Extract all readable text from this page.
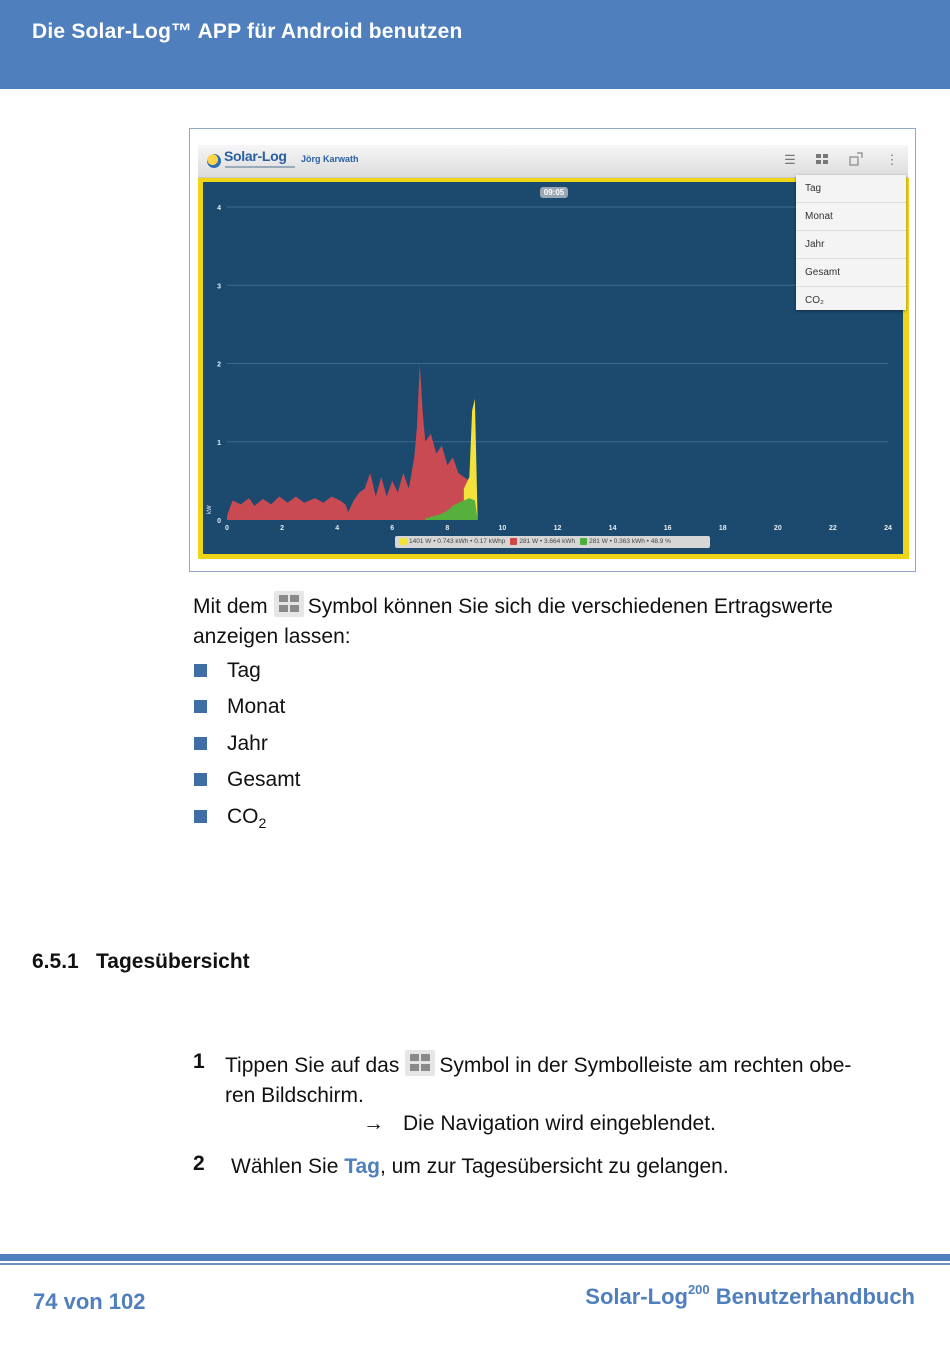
Die Solar-Log™ APP für Android benutzen
Solar-Log Jörg Karwath	☰	⋮
0
1
2
3
4
kW
0	2	4	6	8	10	12	14	16	18	20	22	24
09:05
1401 W • 0.743 kWh • 0.17 kWhp 281 W • 3.664 kWh 281 W • 0.363 kWh • 48.9 %
Tag
Monat
Jahr
Gesamt
CO₂
Mit dem Symbol können Sie sich die verschiedenen Ertragswerte
anzeigen lassen:
Tag
Monat
Jahr
Gesamt
$CO_2$
6.5.1 Tagesübersicht
1 Tippen Sie auf das Symbol in der Symbolleiste am rechten obe-
ren Bildschirm.
→ Die Navigation wird eingeblendet.
2 Wählen Sie Tag, um zur Tagesübersicht zu gelangen.
74 von 102	Solar-Log$^{200}$ Benutzerhandbuch
